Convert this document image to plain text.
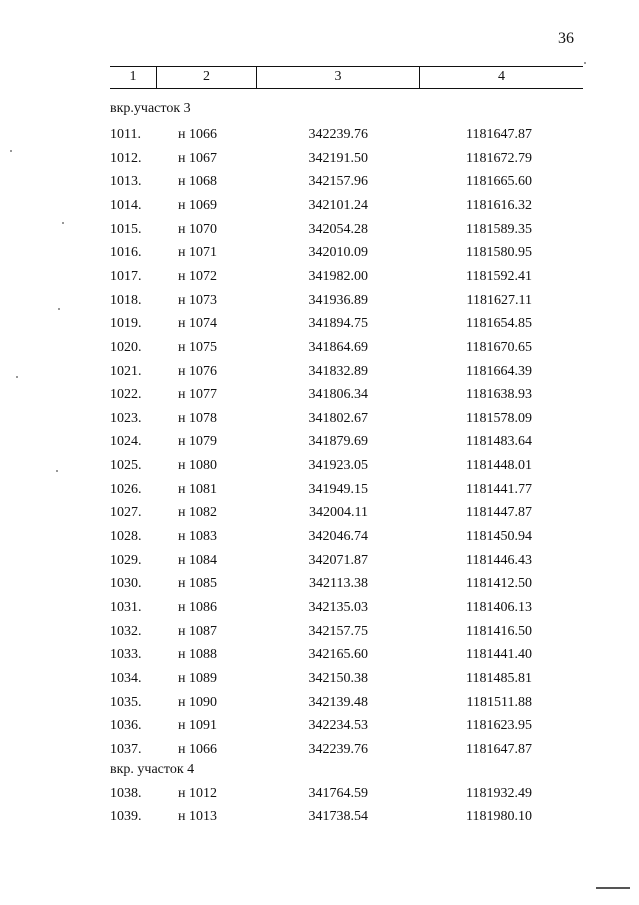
36
1	2	3	4
вкр.участок 3
1011.	н 1066	342239.76	1181647.87
1012.	н 1067	342191.50	1181672.79
1013.	н 1068	342157.96	1181665.60
1014.	н 1069	342101.24	1181616.32
1015.	н 1070	342054.28	1181589.35
1016.	н 1071	342010.09	1181580.95
1017.	н 1072	341982.00	1181592.41
1018.	н 1073	341936.89	1181627.11
1019.	н 1074	341894.75	1181654.85
1020.	н 1075	341864.69	1181670.65
1021.	н 1076	341832.89	1181664.39
1022.	н 1077	341806.34	1181638.93
1023.	н 1078	341802.67	1181578.09
1024.	н 1079	341879.69	1181483.64
1025.	н 1080	341923.05	1181448.01
1026.	н 1081	341949.15	1181441.77
1027.	н 1082	342004.11	1181447.87
1028.	н 1083	342046.74	1181450.94
1029.	н 1084	342071.87	1181446.43
1030.	н 1085	342113.38	1181412.50
1031.	н 1086	342135.03	1181406.13
1032.	н 1087	342157.75	1181416.50
1033.	н 1088	342165.60	1181441.40
1034.	н 1089	342150.38	1181485.81
1035.	н 1090	342139.48	1181511.88
1036.	н 1091	342234.53	1181623.95
1037.	н 1066	342239.76	1181647.87
вкр. участок 4
1038.	н 1012	341764.59	1181932.49
1039.	н 1013	341738.54	1181980.10
